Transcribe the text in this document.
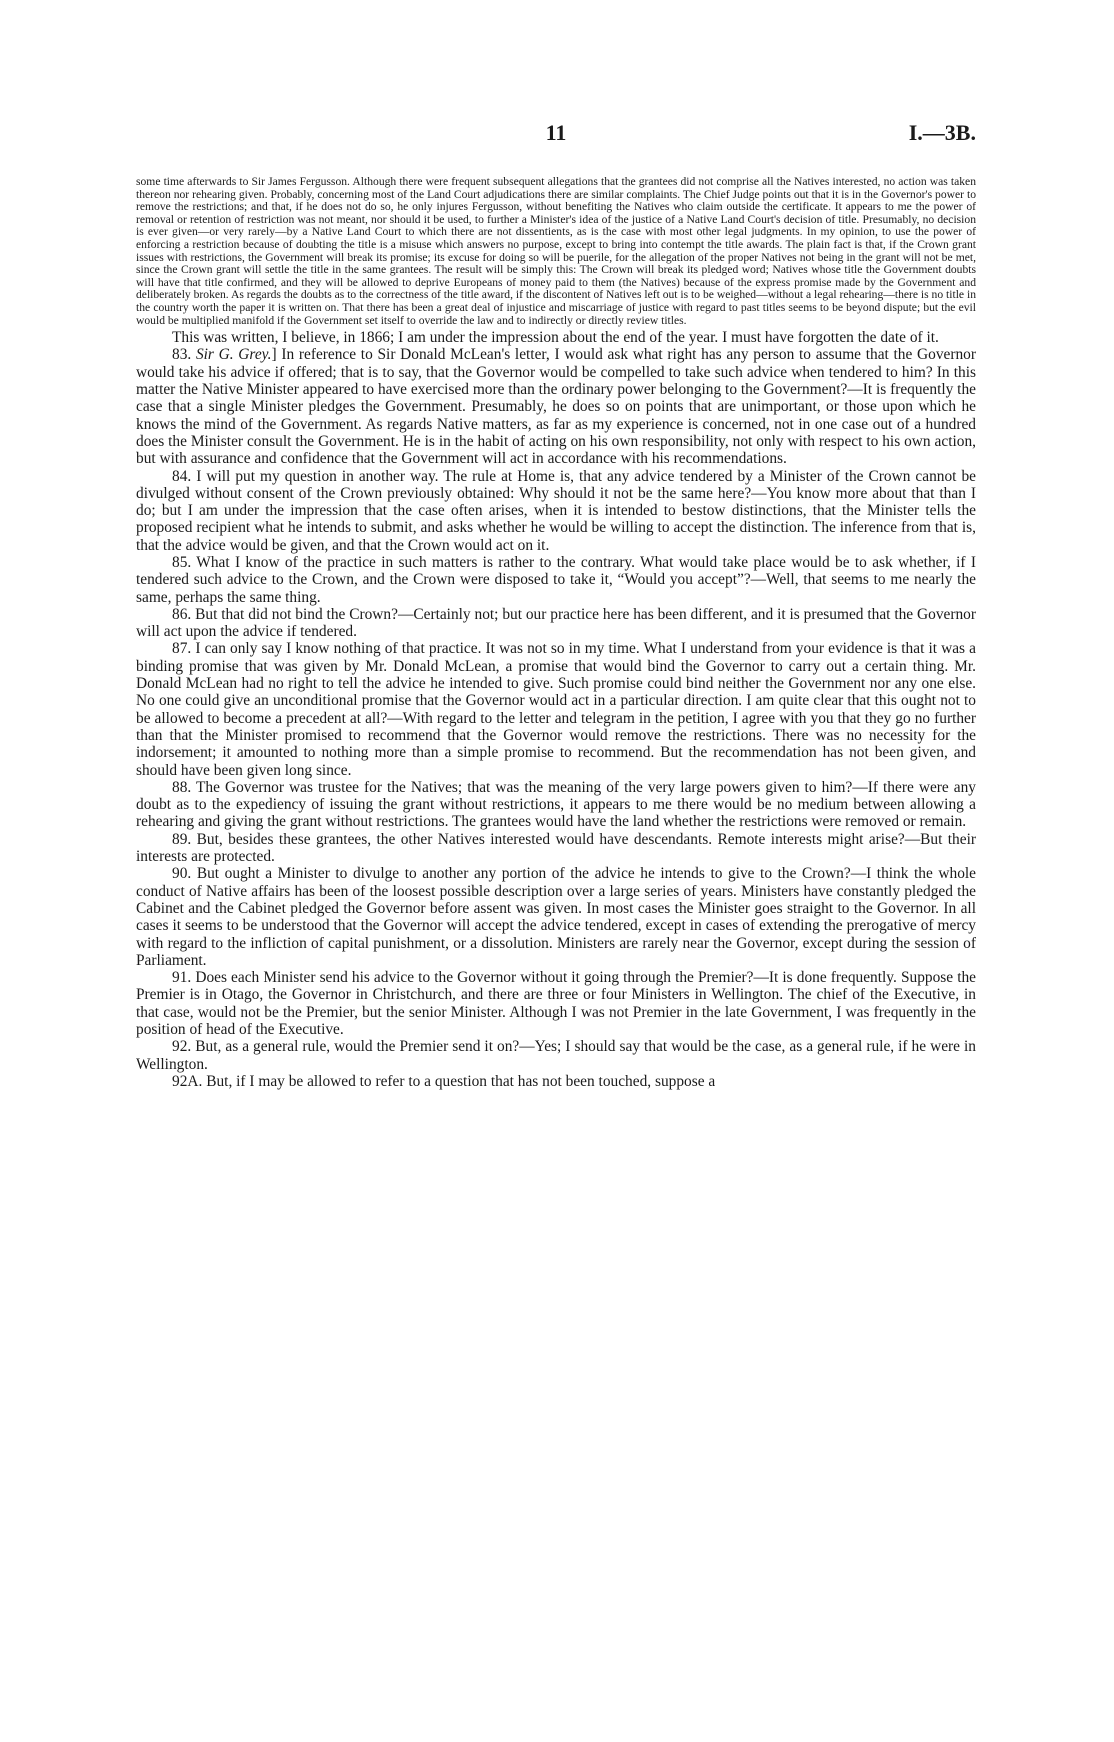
11	I.—3B.

some time afterwards to Sir James Fergusson. Although there were frequent subsequent allegations that the grantees did not comprise all the Natives interested, no action was taken thereon nor rehearing given. Probably, concerning most of the Land Court adjudications there are similar complaints. The Chief Judge points out that it is in the Governor's power to remove the restrictions; and that, if he does not do so, he only injures Fergusson, without benefiting the Natives who claim outside the certificate. It appears to me the power of removal or retention of restriction was not meant, nor should it be used, to further a Minister's idea of the justice of a Native Land Court's decision of title. Presumably, no decision is ever given—or very rarely—by a Native Land Court to which there are not dissentients, as is the case with most other legal judgments. In my opinion, to use the power of enforcing a restriction because of doubting the title is a misuse which answers no purpose, except to bring into contempt the title awards. The plain fact is that, if the Crown grant issues with restrictions, the Government will break its promise; its excuse for doing so will be puerile, for the allegation of the proper Natives not being in the grant will not be met, since the Crown grant will settle the title in the same grantees. The result will be simply this: The Crown will break its pledged word; Natives whose title the Government doubts will have that title confirmed, and they will be allowed to deprive Europeans of money paid to them (the Natives) because of the express promise made by the Government and deliberately broken. As regards the doubts as to the correctness of the title award, if the discontent of Natives left out is to be weighed—without a legal rehearing—there is no title in the country worth the paper it is written on. That there has been a great deal of injustice and miscarriage of justice with regard to past titles seems to be beyond dispute; but the evil would be multiplied manifold if the Government set itself to override the law and to indirectly or directly review titles.

This was written, I believe, in 1866; I am under the impression about the end of the year. I must have forgotten the date of it.

83. Sir G. Grey.] In reference to Sir Donald McLean's letter, I would ask what right has any person to assume that the Governor would take his advice if offered; that is to say, that the Governor would be compelled to take such advice when tendered to him? In this matter the Native Minister appeared to have exercised more than the ordinary power belonging to the Government?—It is frequently the case that a single Minister pledges the Government. Presumably, he does so on points that are unimportant, or those upon which he knows the mind of the Government. As regards Native matters, as far as my experience is concerned, not in one case out of a hundred does the Minister consult the Government. He is in the habit of acting on his own responsibility, not only with respect to his own action, but with assurance and confidence that the Government will act in accordance with his recommendations.

84. I will put my question in another way. The rule at Home is, that any advice tendered by a Minister of the Crown cannot be divulged without consent of the Crown previously obtained: Why should it not be the same here?—You know more about that than I do; but I am under the impression that the case often arises, when it is intended to bestow distinctions, that the Minister tells the proposed recipient what he intends to submit, and asks whether he would be willing to accept the distinction. The inference from that is, that the advice would be given, and that the Crown would act on it.

85. What I know of the practice in such matters is rather to the contrary. What would take place would be to ask whether, if I tendered such advice to the Crown, and the Crown were disposed to take it, “Would you accept”?—Well, that seems to me nearly the same, perhaps the same thing.

86. But that did not bind the Crown?—Certainly not; but our practice here has been different, and it is presumed that the Governor will act upon the advice if tendered.

87. I can only say I know nothing of that practice. It was not so in my time. What I understand from your evidence is that it was a binding promise that was given by Mr. Donald McLean, a promise that would bind the Governor to carry out a certain thing. Mr. Donald McLean had no right to tell the advice he intended to give. Such promise could bind neither the Government nor any one else. No one could give an unconditional promise that the Governor would act in a particular direction. I am quite clear that this ought not to be allowed to become a precedent at all?—With regard to the letter and telegram in the petition, I agree with you that they go no further than that the Minister promised to recommend that the Governor would remove the restrictions. There was no necessity for the indorsement; it amounted to nothing more than a simple promise to recommend. But the recommendation has not been given, and should have been given long since.

88. The Governor was trustee for the Natives; that was the meaning of the very large powers given to him?—If there were any doubt as to the expediency of issuing the grant without restrictions, it appears to me there would be no medium between allowing a rehearing and giving the grant without restrictions. The grantees would have the land whether the restrictions were removed or remain.

89. But, besides these grantees, the other Natives interested would have descendants. Remote interests might arise?—But their interests are protected.

90. But ought a Minister to divulge to another any portion of the advice he intends to give to the Crown?—I think the whole conduct of Native affairs has been of the loosest possible description over a large series of years. Ministers have constantly pledged the Cabinet and the Cabinet pledged the Governor before assent was given. In most cases the Minister goes straight to the Governor. In all cases it seems to be understood that the Governor will accept the advice tendered, except in cases of extending the prerogative of mercy with regard to the infliction of capital punishment, or a dissolution. Ministers are rarely near the Governor, except during the session of Parliament.

91. Does each Minister send his advice to the Governor without it going through the Premier?—It is done frequently. Suppose the Premier is in Otago, the Governor in Christchurch, and there are three or four Ministers in Wellington. The chief of the Executive, in that case, would not be the Premier, but the senior Minister. Although I was not Premier in the late Government, I was frequently in the position of head of the Executive.

92. But, as a general rule, would the Premier send it on?—Yes; I should say that would be the case, as a general rule, if he were in Wellington.

92A. But, if I may be allowed to refer to a question that has not been touched, suppose a
